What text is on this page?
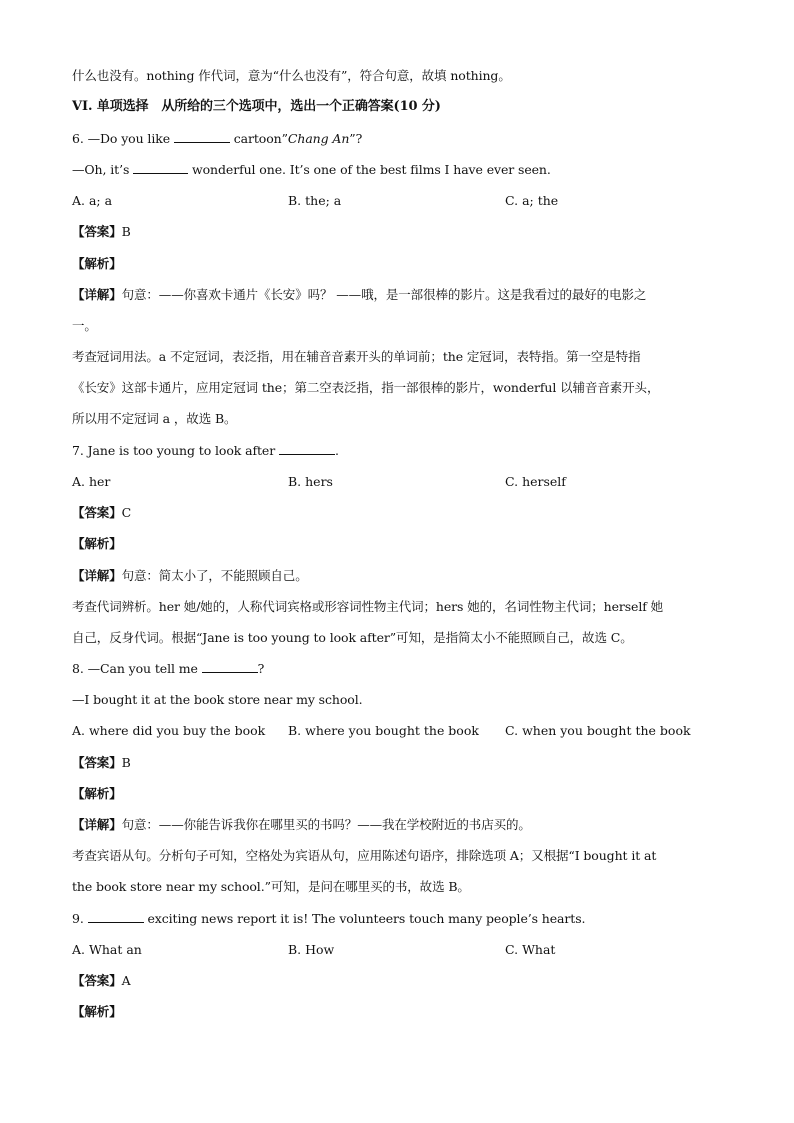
什么也没有。nothing 作代词，意为“什么也没有”，符合句意，故填 nothing。
VI. 单项选择　从所给的三个选项中，选出一个正确答案(10 分)
6. —Do you like	cartoon”Chang An”?
—Oh, it’s	wonderful one. It’s one of the best films I have ever seen.
A. a; a	B. the; a	C. a; the
【答案】B
【解析】
【详解】句意：——你喜欢卡通片《长安》吗？ ——哦，是一部很棒的影片。这是我看过的最好的电影之
一。
考查冠词用法。a 不定冠词，表泛指，用在辅音音素开头的单词前；the 定冠词，表特指。第一空是特指
《长安》这部卡通片，应用定冠词 the；第二空表泛指，指一部很棒的影片，wonderful 以辅音音素开头，
所以用不定冠词 a ，故选 B。
7. Jane is too young to look after	.
A. her	B. hers	C. herself
【答案】C
【解析】
【详解】句意：简太小了，不能照顾自己。
考查代词辨析。her 她/她的，人称代词宾格或形容词性物主代词；hers 她的，名词性物主代词；herself 她
自己，反身代词。根据“Jane is too young to look after”可知，是指简太小不能照顾自己，故选 C。
8. —Can you tell me	?
—I bought it at the book store near my school.
A. where did you buy the book B. where you bought the book C. when you bought the book
【答案】B
【解析】
【详解】句意：——你能告诉我你在哪里买的书吗？——我在学校附近的书店买的。
考查宾语从句。分析句子可知，空格处为宾语从句，应用陈述句语序，排除选项 A；又根据“I bought it at
the book store near my school.”可知，是问在哪里买的书，故选 B。
9.	exciting news report it is! The volunteers touch many people’s hearts.
A. What an	B. How	C. What
【答案】A
【解析】
